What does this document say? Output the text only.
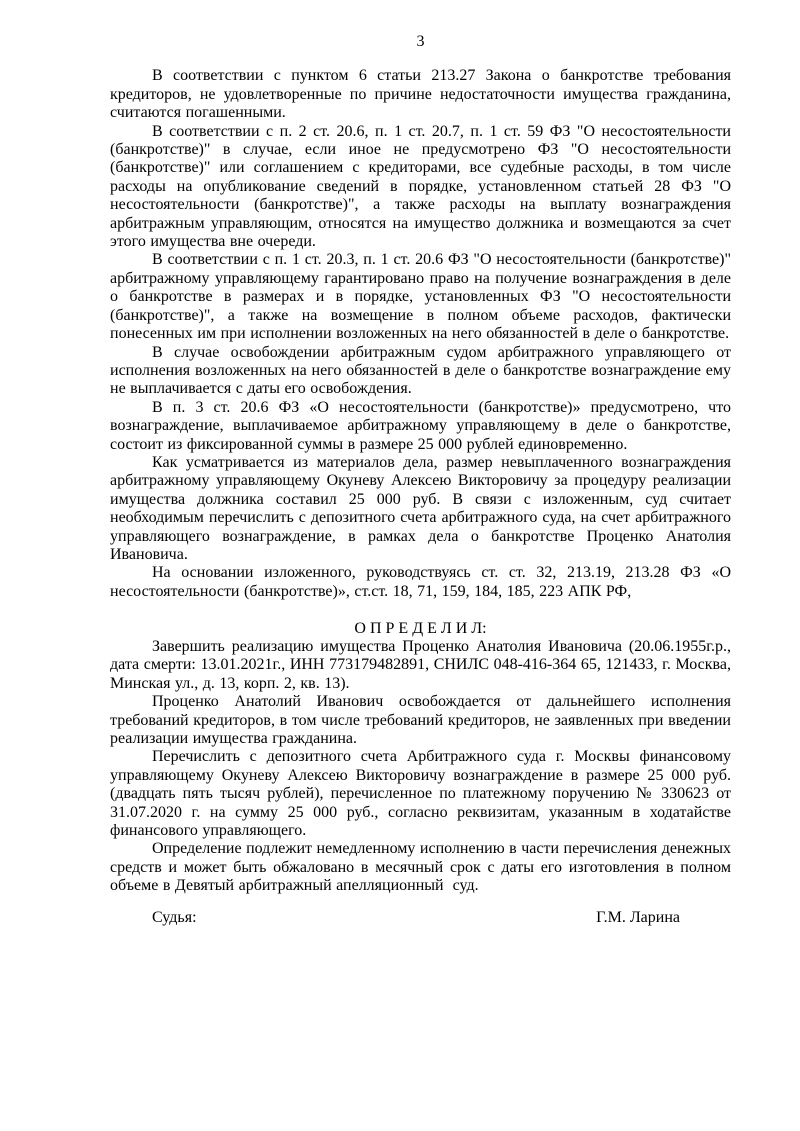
3

В соответствии с пунктом 6 статьи 213.27 Закона о банкротстве требования кредиторов, не удовлетворенные по причине недостаточности имущества гражданина, считаются погашенными.

В соответствии с п. 2 ст. 20.6, п. 1 ст. 20.7, п. 1 ст. 59 ФЗ "О несостоятельности (банкротстве)" в случае, если иное не предусмотрено ФЗ "О несостоятельности (банкротстве)" или соглашением с кредиторами, все судебные расходы, в том числе расходы на опубликование сведений в порядке, установленном статьей 28 ФЗ "О несостоятельности (банкротстве)", а также расходы на выплату вознаграждения арбитражным управляющим, относятся на имущество должника и возмещаются за счет этого имущества вне очереди.

В соответствии с п. 1 ст. 20.3, п. 1 ст. 20.6 ФЗ "О несостоятельности (банкротстве)" арбитражному управляющему гарантировано право на получение вознаграждения в деле о банкротстве в размерах и в порядке, установленных ФЗ "О несостоятельности (банкротстве)", а также на возмещение в полном объеме расходов, фактически понесенных им при исполнении возложенных на него обязанностей в деле о банкротстве.

В случае освобождении арбитражным судом арбитражного управляющего от исполнения возложенных на него обязанностей в деле о банкротстве вознаграждение ему не выплачивается с даты его освобождения.

В п. 3 ст. 20.6 ФЗ «О несостоятельности (банкротстве)» предусмотрено, что вознаграждение, выплачиваемое арбитражному управляющему в деле о банкротстве, состоит из фиксированной суммы в размере 25 000 рублей единовременно.

Как усматривается из материалов дела, размер невыплаченного вознаграждения арбитражному управляющему Окуневу Алексею Викторовичу за процедуру реализации имущества должника составил 25 000 руб. В связи с изложенным, суд считает необходимым перечислить с депозитного счета арбитражного суда, на счет арбитражного управляющего вознаграждение, в рамках дела о банкротстве Проценко Анатолия Ивановича.

На основании изложенного, руководствуясь ст. ст. 32, 213.19, 213.28 ФЗ «О несостоятельности (банкротстве)», ст.ст. 18, 71, 159, 184, 185, 223 АПК РФ,

О П Р Е Д Е Л И Л:

Завершить реализацию имущества Проценко Анатолия Ивановича (20.06.1955г.р., дата смерти: 13.01.2021г., ИНН 773179482891, СНИЛС 048-416-364 65, 121433, г. Москва, Минская ул., д. 13, корп. 2, кв. 13).

Проценко Анатолий Иванович освобождается от дальнейшего исполнения требований кредиторов, в том числе требований кредиторов, не заявленных при введении реализации имущества гражданина.

Перечислить с депозитного счета Арбитражного суда г. Москвы финансовому управляющему Окуневу Алексею Викторовичу вознаграждение в размере 25 000 руб. (двадцать пять тысяч рублей), перечисленное по платежному поручению № 330623 от 31.07.2020 г. на сумму 25 000 руб., согласно реквизитам, указанным в ходатайстве финансового управляющего.

Определение подлежит немедленному исполнению в части перечисления денежных средств и может быть обжаловано в месячный срок с даты его изготовления в полном объеме в Девятый арбитражный апелляционный  суд.

Судья:	Г.М. Ларина
